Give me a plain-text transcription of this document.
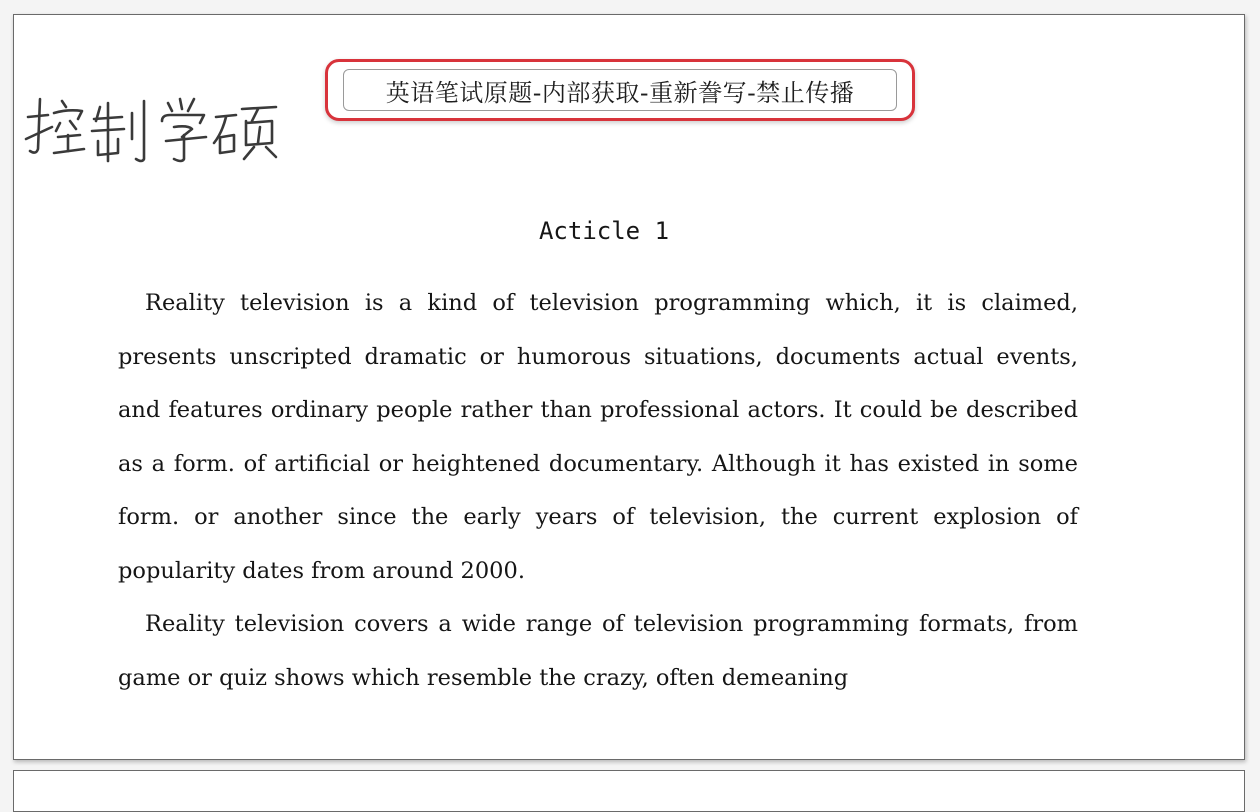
英语笔试原题-内部获取-重新誊写-禁止传播
Acticle 1

Reality television is a kind of television programming which, it is claimed, presents unscripted dramatic or humorous situations, documents actual events, and features ordinary people rather than professional actors. It could be described as a form. of artificial or heightened documentary. Although it has existed in some form. or another since the early years of television, the current explosion of popularity dates from around 2000.

Reality television covers a wide range of television programming formats, from game or quiz shows which resemble the crazy, often demeaning
